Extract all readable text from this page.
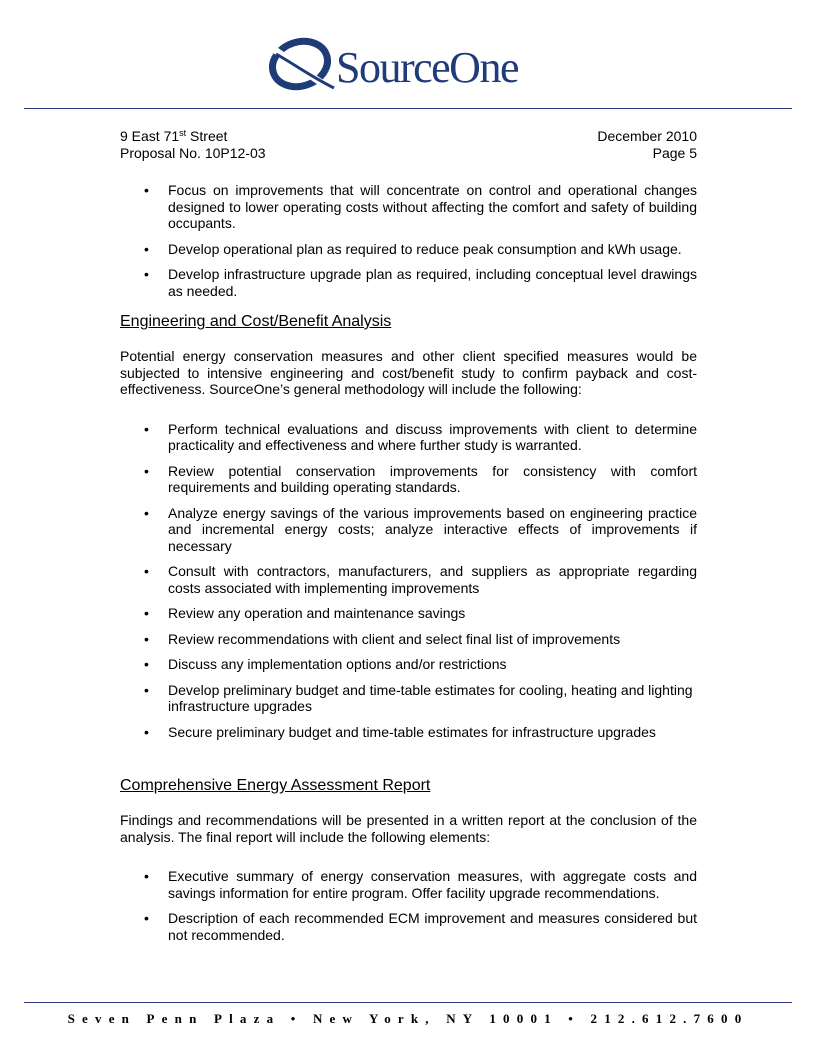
SourceOne
9 East 71st Street	December 2010
Proposal No. 10P12-03	Page 5
• Focus on improvements that will concentrate on control and operational changes designed to lower operating costs without affecting the comfort and safety of building occupants.
• Develop operational plan as required to reduce peak consumption and kWh usage.
• Develop infrastructure upgrade plan as required, including conceptual level drawings as needed.
Engineering and Cost/Benefit Analysis

Potential energy conservation measures and other client specified measures would be subjected to intensive engineering and cost/benefit study to confirm payback and cost-effectiveness. SourceOne’s general methodology will include the following:

• Perform technical evaluations and discuss improvements with client to determine practicality and effectiveness and where further study is warranted.
• Review potential conservation improvements for consistency with comfort requirements and building operating standards.
• Analyze energy savings of the various improvements based on engineering practice and incremental energy costs; analyze interactive effects of improvements if necessary
• Consult with contractors, manufacturers, and suppliers as appropriate regarding costs associated with implementing improvements
• Review any operation and maintenance savings
• Review recommendations with client and select final list of improvements
• Discuss any implementation options and/or restrictions
• Develop preliminary budget and time-table estimates for cooling, heating and lighting infrastructure upgrades
• Secure preliminary budget and time-table estimates for infrastructure upgrades
Comprehensive Energy Assessment Report

Findings and recommendations will be presented in a written report at the conclusion of the analysis. The final report will include the following elements:

• Executive summary of energy conservation measures, with aggregate costs and savings information for entire program. Offer facility upgrade recommendations.
• Description of each recommended ECM improvement and measures considered but not recommended.
Seven Penn Plaza • New York, NY 10001 • 212.612.7600
